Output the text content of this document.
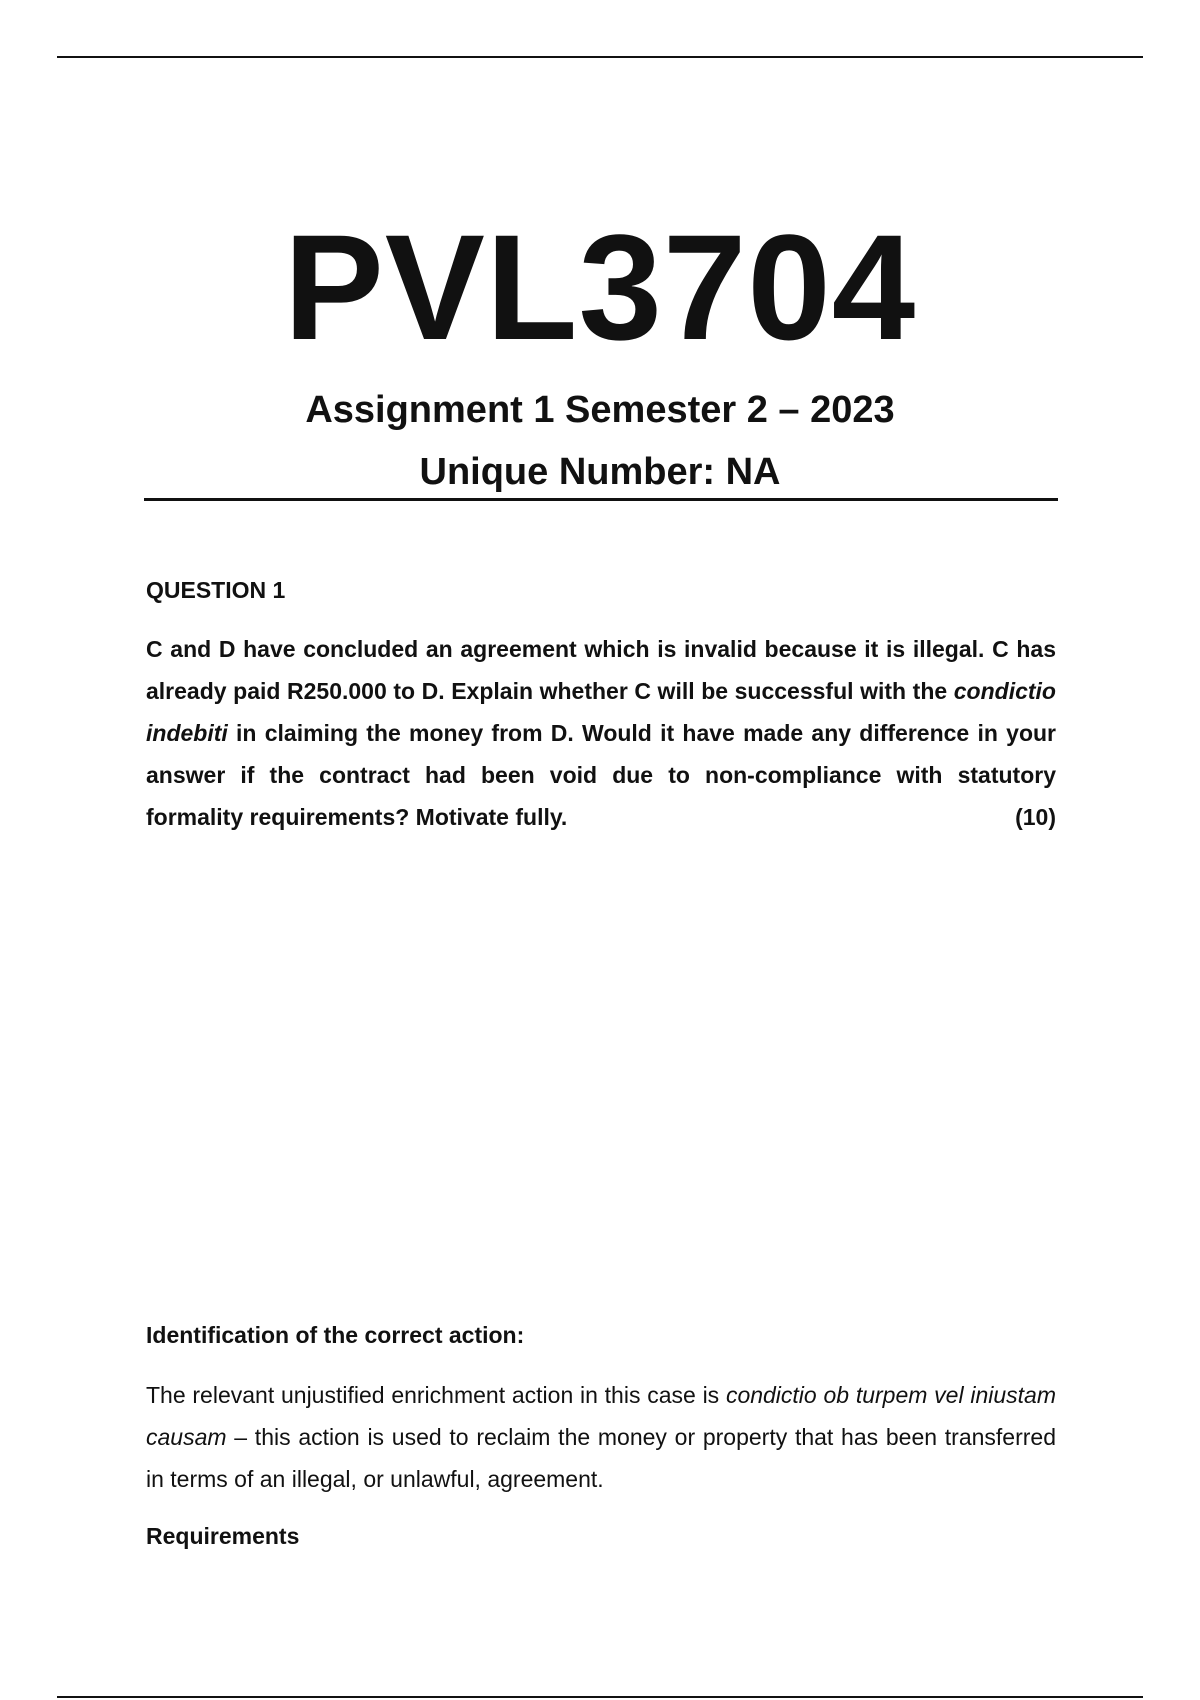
PVL3704
Assignment 1 Semester 2 – 2023
Unique Number: NA
QUESTION 1
C and D have concluded an agreement which is invalid because it is illegal. C has already paid R250.000 to D. Explain whether C will be successful with the condictio indebiti in claiming the money from D. Would it have made any difference in your answer if the contract had been void due to non-compliance with statutory formality requirements? Motivate fully.	(10)
Identification of the correct action:
The relevant unjustified enrichment action in this case is condictio ob turpem vel iniustam causam – this action is used to reclaim the money or property that has been transferred in terms of an illegal, or unlawful, agreement.
Requirements
